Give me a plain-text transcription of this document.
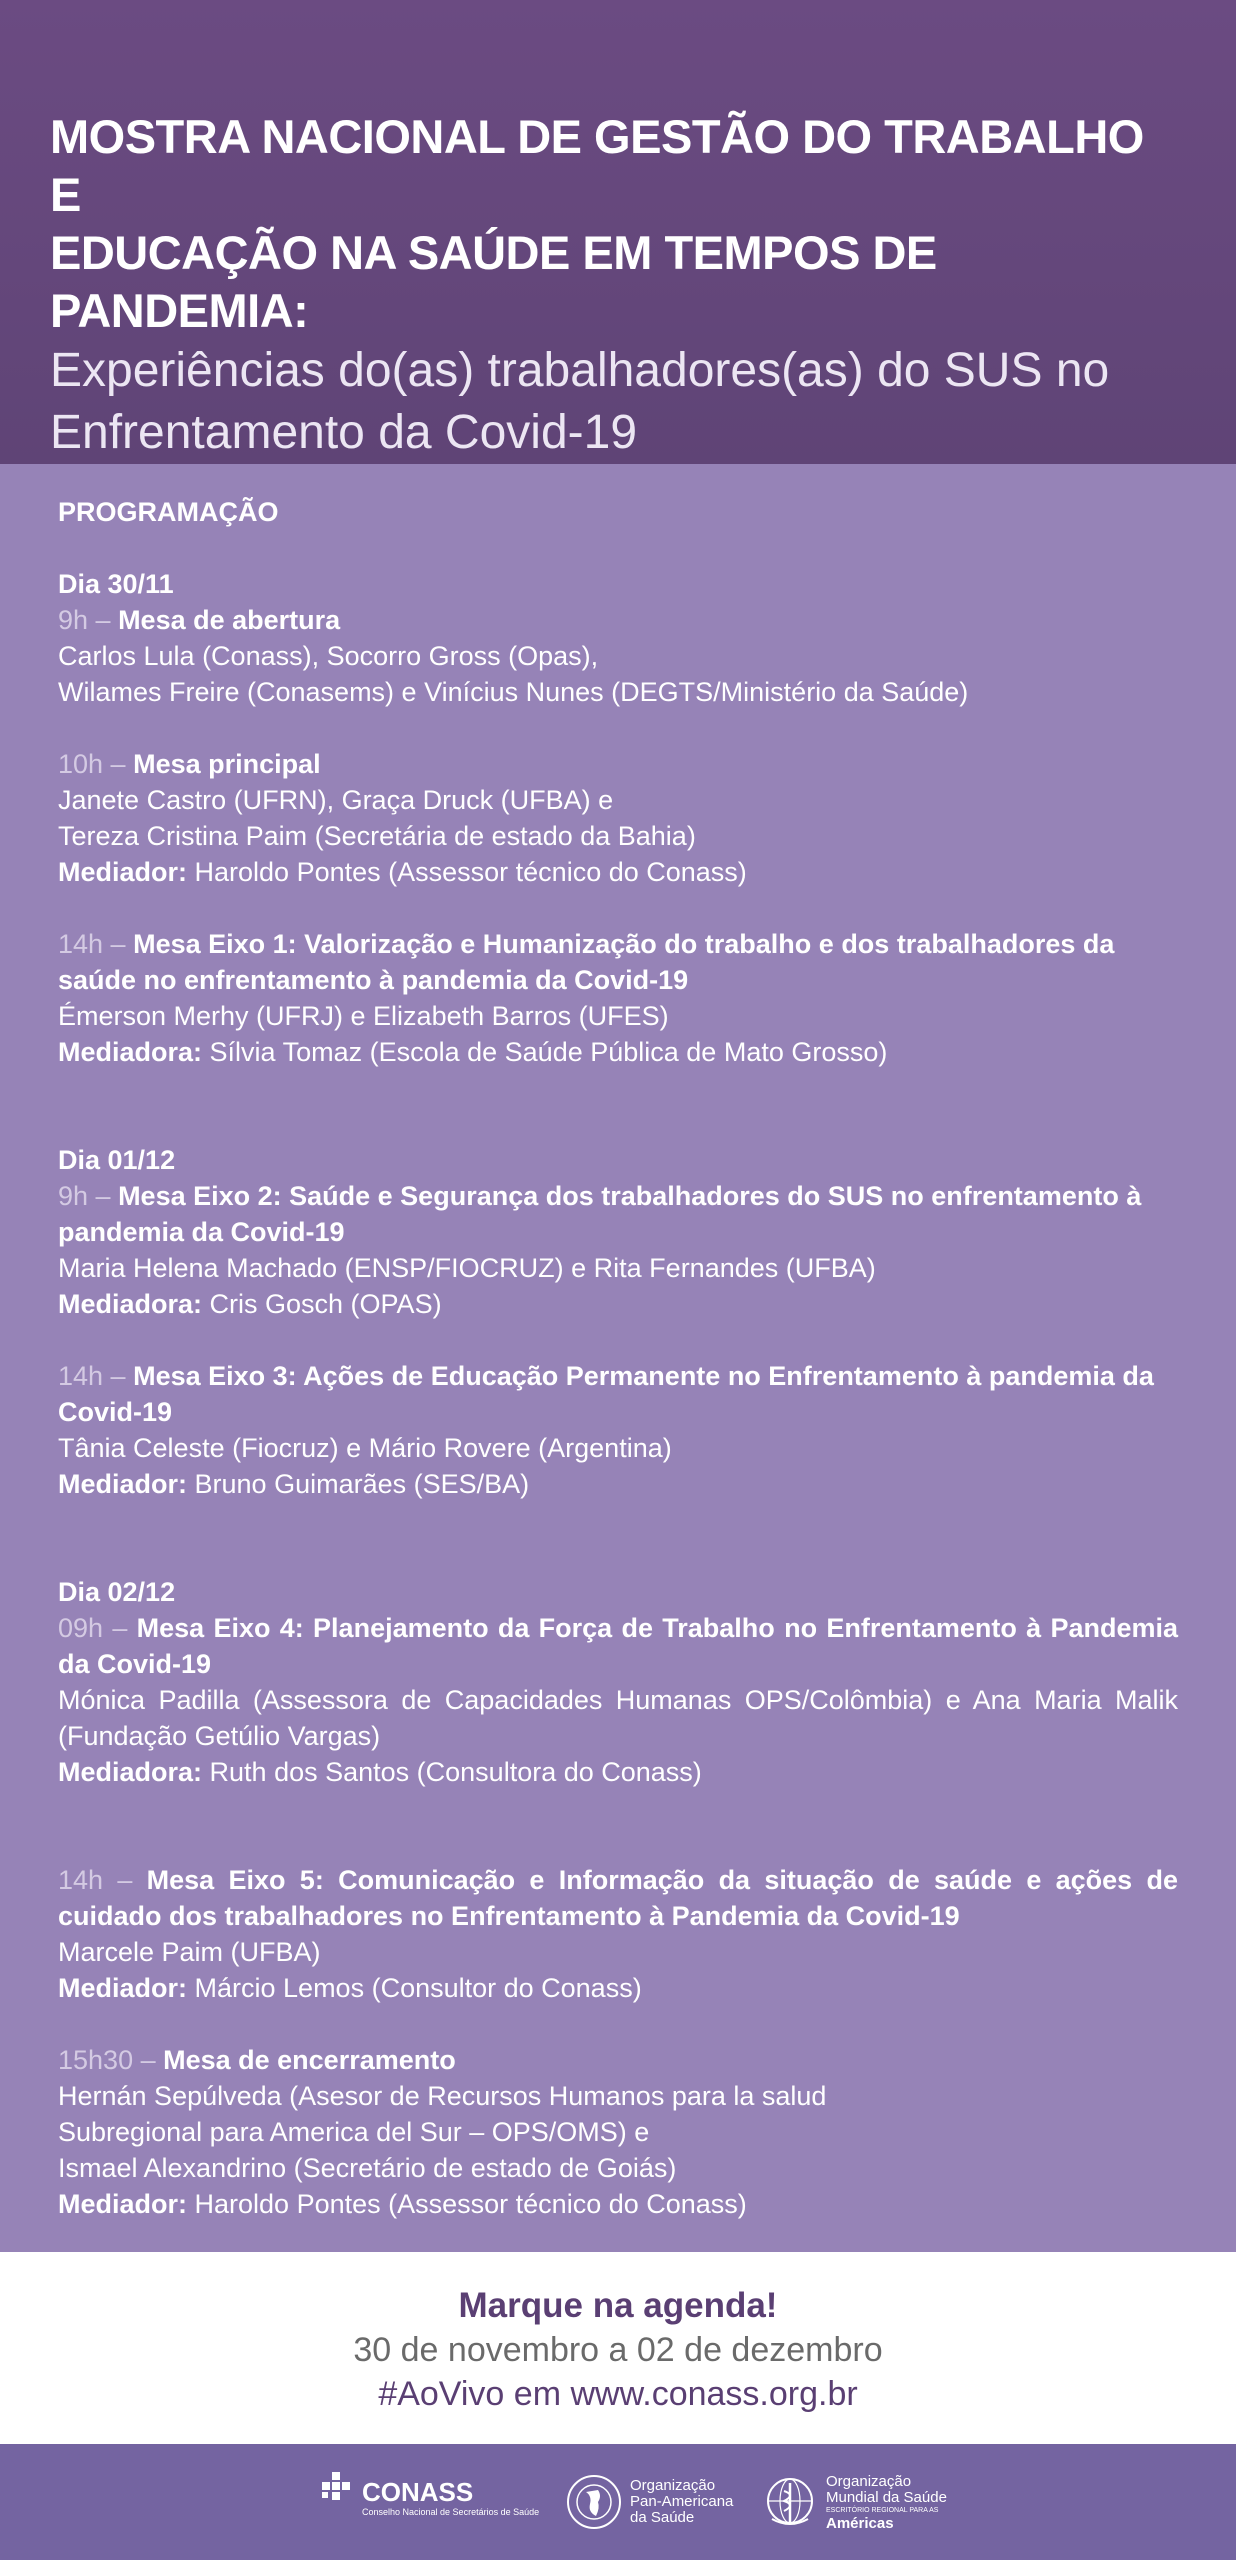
MOSTRA NACIONAL DE GESTÃO DO TRABALHO E
EDUCAÇÃO NA SAÚDE EM TEMPOS DE PANDEMIA:

Experiências do(as) trabalhadores(as) do SUS no
Enfrentamento da Covid-19

PROGRAMAÇÃO

Dia 30/11

9h – Mesa de abertura

Carlos Lula (Conass), Socorro Gross (Opas),

Wilames Freire (Conasems) e Vinícius Nunes (DEGTS/Ministério da Saúde)

10h – Mesa principal

Janete Castro (UFRN), Graça Druck (UFBA) e

Tereza Cristina Paim (Secretária de estado da Bahia)

Mediador: Haroldo Pontes (Assessor técnico do Conass)

14h – Mesa Eixo 1: Valorização e Humanização do trabalho e dos trabalhadores da saúde no enfrentamento à pandemia da Covid-19

Émerson Merhy (UFRJ) e Elizabeth Barros (UFES)

Mediadora: Sílvia Tomaz (Escola de Saúde Pública de Mato Grosso)

Dia 01/12

9h – Mesa Eixo 2: Saúde e Segurança dos trabalhadores do SUS no enfrentamento à pandemia da Covid-19

Maria Helena Machado (ENSP/FIOCRUZ) e Rita Fernandes (UFBA)

Mediadora: Cris Gosch (OPAS)

14h – Mesa Eixo 3: Ações de Educação Permanente no Enfrentamento à pandemia da Covid-19

Tânia Celeste (Fiocruz) e Mário Rovere (Argentina)

Mediador: Bruno Guimarães (SES/BA)

Dia 02/12

09h – Mesa Eixo 4: Planejamento da Força de Trabalho no Enfrentamento à Pandemia da Covid-19

Mónica Padilla (Assessora de Capacidades Humanas OPS/Colômbia) e Ana Maria Malik (Fundação Getúlio Vargas)

Mediadora: Ruth dos Santos (Consultora do Conass)

14h – Mesa Eixo 5: Comunicação e Informação da situação de saúde e ações de cuidado dos trabalhadores no Enfrentamento à Pandemia da Covid-19

Marcele Paim (UFBA)

Mediador: Márcio Lemos (Consultor do Conass)

15h30 – Mesa de encerramento

Hernán Sepúlveda (Asesor de Recursos Humanos para la salud

Subregional para America del Sur – OPS/OMS) e

Ismael Alexandrino (Secretário de estado de Goiás)

Mediador: Haroldo Pontes (Assessor técnico do Conass)

Marque na agenda!

30 de novembro a 02 de dezembro

#AoVivo em www.conass.org.br

CONASS
Conselho Nacional de Secretários de Saúde
Organização
Pan-Americana
da Saúde
Organização
Mundial da Saúde
ESCRITÓRIO REGIONAL PARA AS
Américas
